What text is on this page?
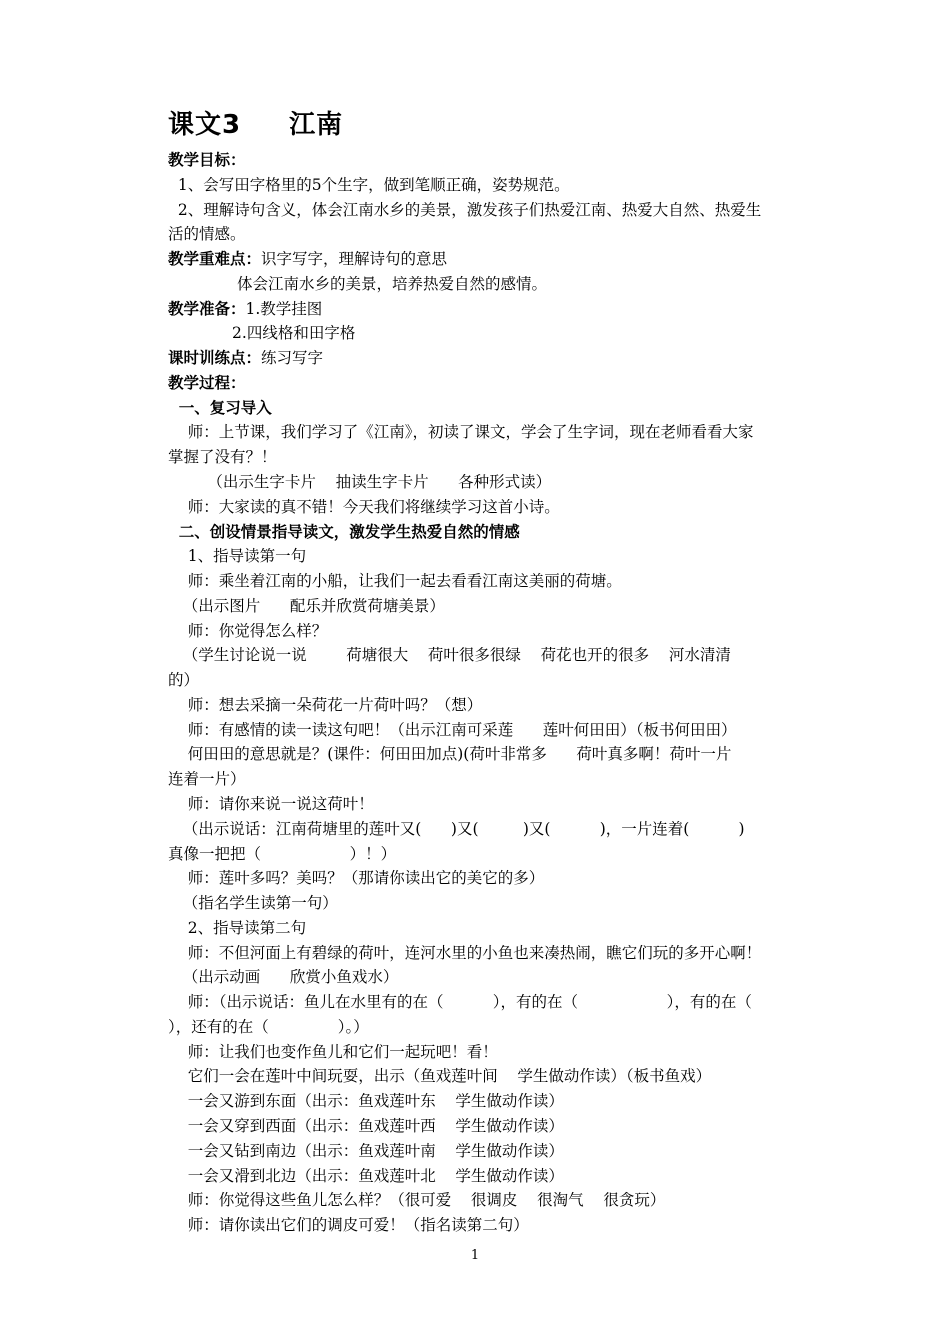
课文3 江南
教学目标：
1、会写田字格里的5个生字，做到笔顺正确，姿势规范。
2、理解诗句含义，体会江南水乡的美景，激发孩子们热爱江南、热爱大自然、热爱生
活的情感。
教学重难点：识字写字，理解诗句的意思
体会江南水乡的美景，培养热爱自然的感情。
教学准备：1.教学挂图
2.四线格和田字格
课时训练点：练习写字
教学过程：
一、复习导入
师：上节课，我们学习了《江南》，初读了课文，学会了生字词，现在老师看看大家
掌握了没有？！
（出示生字卡片    抽读生字卡片      各种形式读）
师：大家读的真不错！今天我们将继续学习这首小诗。
二、创设情景指导读文，激发学生热爱自然的情感
1、指导读第一句
师：乘坐着江南的小船，让我们一起去看看江南这美丽的荷塘。
（出示图片      配乐并欣赏荷塘美景）
师：你觉得怎么样？
（学生讨论说一说        荷塘很大    荷叶很多很绿    荷花也开的很多    河水清清
的）
师：想去采摘一朵荷花一片荷叶吗？（想）
师：有感情的读一读这句吧！（出示江南可采莲      莲叶何田田）（板书何田田）
何田田的意思就是？(课件：何田田加点)(荷叶非常多      荷叶真多啊！荷叶一片
连着一片）
师：请你来说一说这荷叶！
（出示说话：江南荷塘里的莲叶又(      )又(         )又(          )，一片连着(          )
真像一把把（                  ）！）
师：莲叶多吗？美吗？（那请你读出它的美它的多）
（指名学生读第一句）
2、指导读第二句
师：不但河面上有碧绿的荷叶，连河水里的小鱼也来凑热闹，瞧它们玩的多开心啊！
（出示动画      欣赏小鱼戏水）
师：（出示说话：鱼儿在水里有的在（          ），有的在（                  ），有的在（
），还有的在（              ）。）
师：让我们也变作鱼儿和它们一起玩吧！看！
它们一会在莲叶中间玩耍，出示（鱼戏莲叶间    学生做动作读）（板书鱼戏）
一会又游到东面（出示：鱼戏莲叶东    学生做动作读）
一会又穿到西面（出示：鱼戏莲叶西    学生做动作读）
一会又钻到南边（出示：鱼戏莲叶南    学生做动作读）
一会又滑到北边（出示：鱼戏莲叶北    学生做动作读）
师：你觉得这些鱼儿怎么样？（很可爱    很调皮    很淘气    很贪玩）
师：请你读出它们的调皮可爱！（指名读第二句）
1
